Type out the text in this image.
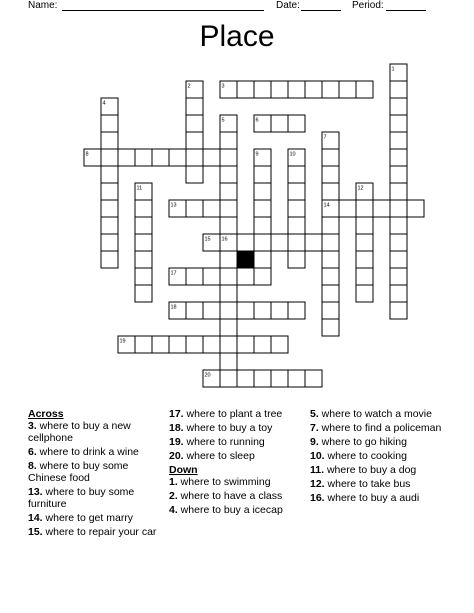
Name:	Date:	Period:
Place
1
2	3
4
5	6
7
8	9	10
11	12
13	14
15 16
17
18
19
20
Across
3. where to buy a new cellphone
6. where to drink a wine
8. where to buy some Chinese food
13. where to buy some furniture
14. where to get marry
15. where to repair your car
17. where to plant a tree
18. where to buy a toy
19. where to running
20. where to sleep
Down
1. where to swimming
2. where to have a class
4. where to buy a icecap
5. where to watch a movie
7. where to find a policeman
9. where to go hiking
10. where to cooking
11. where to buy a dog
12. where to take bus
16. where to buy a audi
